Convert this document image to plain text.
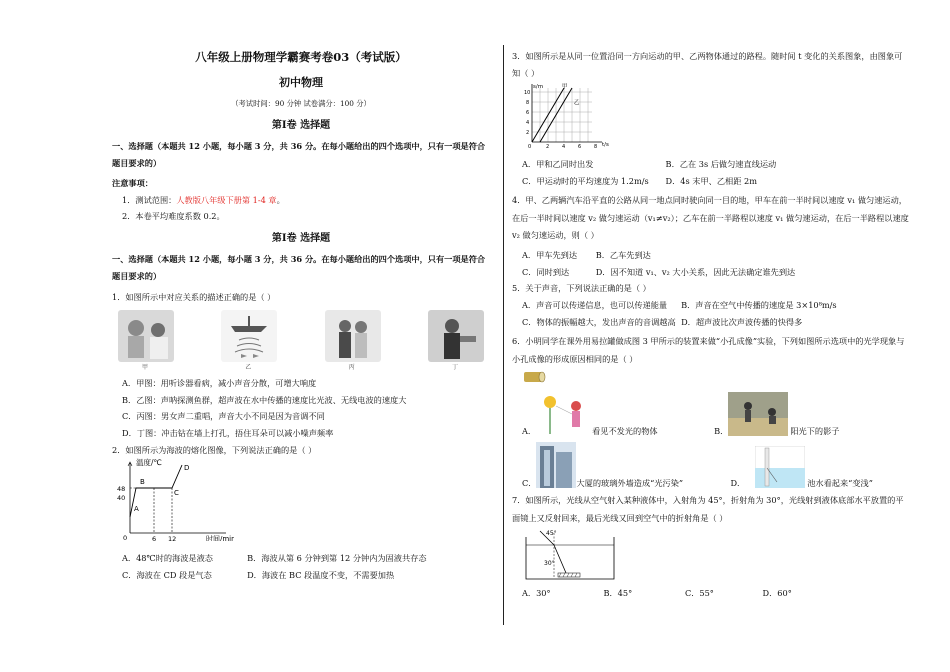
八年级上册物理学霸赛考卷03（考试版）
初中物理
（考试时间：90 分钟 试卷满分：100 分）
第Ⅰ卷 选择题

一、选择题（本题共 12 小题，每小题 3 分，共 36 分。在每小题给出的四个选项中，只有一项是符合题目要求的）

注意事项：

1．测试范围：人教版八年级下册第 1-4 章。

2．本卷平均难度系数 0.2。

第Ⅰ卷 选择题

一、选择题（本题共 12 小题，每小题 3 分，共 36 分。在每小题给出的四个选项中，只有一项是符合题目要求的）

1．如图所示中对应关系的描述正确的是（ ）

甲	乙	丙	丁

A．甲图：用听诊器看病，减小声音分散，可增大响度

B．乙图：声呐探测鱼群，超声波在水中传播的速度比光波、无线电波的速度大

C．丙图：男女声二重唱，声音大小不同是因为音调不同

D．丁图：冲击钻在墙上打孔，捂住耳朵可以减小噪声频率

2．如图所示为海波的熔化图像，下列说法正确的是（ ）

温度/℃
时间/min
48
40
0	6 12
A
B
C
D
A．48℃时的海波是液态	B．海波从第 6 分钟到第 12 分钟内为固液共存态
C．海波在 CD 段是气态	D．海波在 BC 段温度不变，不需要加热

3．如图所示是从同一位置沿同一方向运动的甲、乙两物体通过的路程。随时间 t 变化的关系图象，由图象可知（ ）

s/m
t/s
甲
乙
10
8
6
4
2
0	2	4	6	8
A．甲和乙同时出发	B．乙在 3s 后做匀速直线运动
C．甲运动时的平均速度为 1.2m/s	D．4s 末甲、乙相距 2m

4．甲、乙两辆汽车沿平直的公路从同一地点同时驶向同一目的地，甲车在前一半时间以速度 v₁ 做匀速运动，在后一半时间以速度 v₂ 做匀速运动（v₁≠v₂）；乙车在前一半路程以速度 v₁ 做匀速运动，在后一半路程以速度 v₂ 做匀速运动，则（ ）

A．甲车先到达	B．乙车先到达
C．同时到达	D．因不知道 v₁、v₂ 大小关系，因此无法确定谁先到达

5．关于声音，下列说法正确的是（ ）

A．声音可以传递信息，也可以传递能量	B．声音在空气中传播的速度是 3×10⁸m/s
C．物体的振幅越大，发出声音的音调越高 D．超声波比次声波传播的快得多

6．小明同学在课外用易拉罐做成图 3 甲所示的装置来做“小孔成像”实验，下列如图所示选项中的光学现象与小孔成像的形成原因相同的是（ ）

A．	看见不发光的物体	B．	阳光下的影子
C．	大厦的玻璃外墙造成“光污染”	D．	池水看起来“变浅”

7．如图所示，光线从空气射入某种液体中，入射角为 45°，折射角为 30°，光线射到液体底部水平放置的平面镜上又反射回来，最后光线又回到空气中的折射角是（ ）

45°
30°
A．30°	B．45°	C．55°	D．60°
